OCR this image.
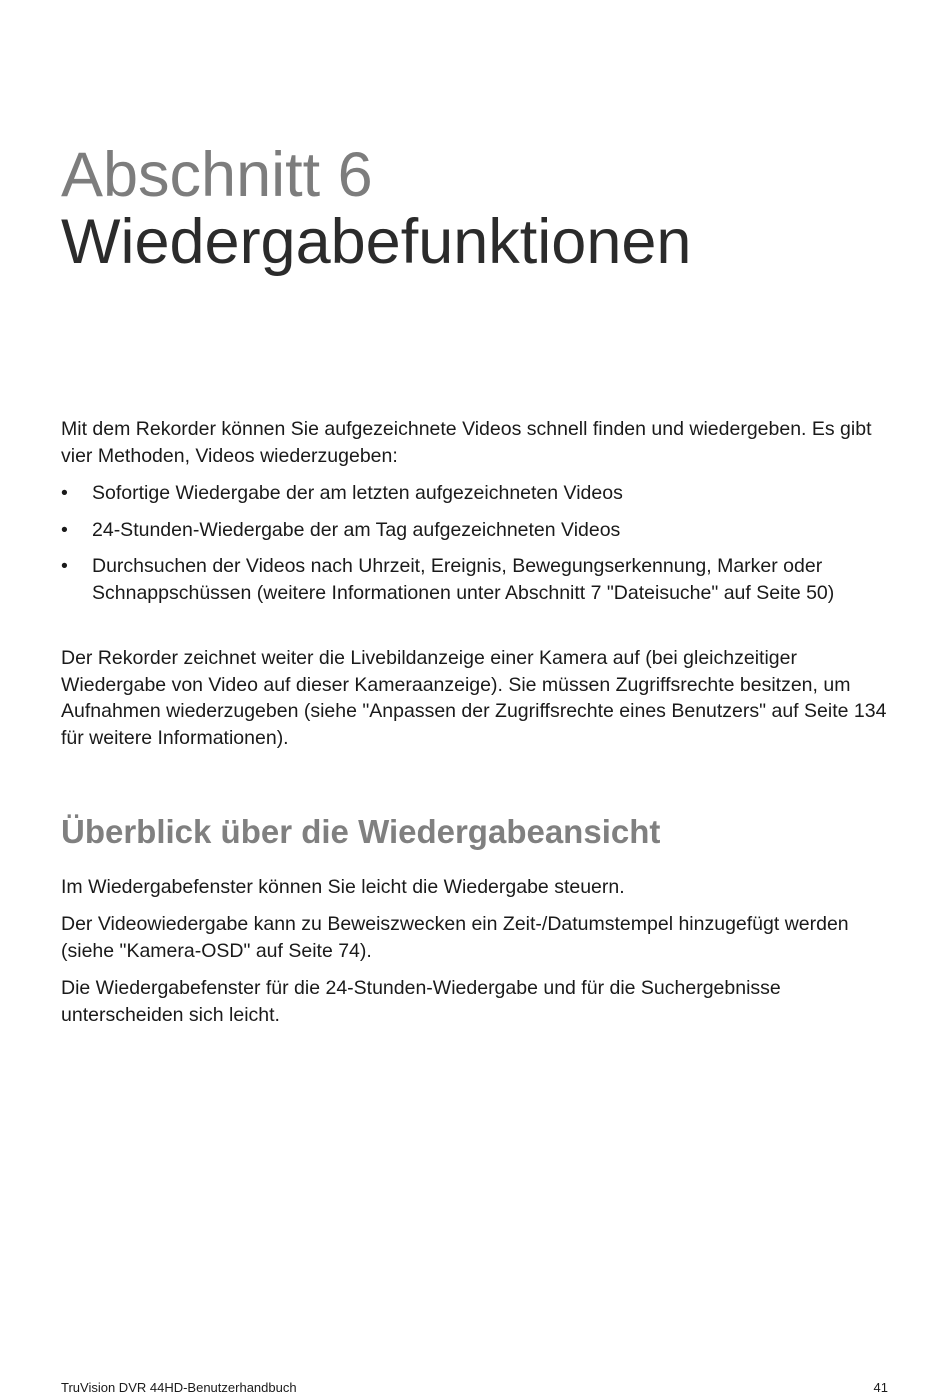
Abschnitt 6
Wiedergabefunktionen

Mit dem Rekorder können Sie aufgezeichnete Videos schnell finden und wiedergeben. Es gibt vier Methoden, Videos wiederzugeben:

•	Sofortige Wiedergabe der am letzten aufgezeichneten Videos
•	24-Stunden-Wiedergabe der am Tag aufgezeichneten Videos
•	Durchsuchen der Videos nach Uhrzeit, Ereignis, Bewegungserkennung, Marker oder Schnappschüssen (weitere Informationen unter Abschnitt 7 "Dateisuche" auf Seite 50)

Der Rekorder zeichnet weiter die Livebildanzeige einer Kamera auf (bei gleichzeitiger Wiedergabe von Video auf dieser Kameraanzeige). Sie müssen Zugriffsrechte besitzen, um Aufnahmen wiederzugeben (siehe "Anpassen der Zugriffsrechte eines Benutzers" auf Seite 134 für weitere Informationen).

Überblick über die Wiedergabeansicht

Im Wiedergabefenster können Sie leicht die Wiedergabe steuern.

Der Videowiedergabe kann zu Beweiszwecken ein Zeit-/Datumstempel hinzugefügt werden (siehe "Kamera-OSD" auf Seite 74).

Die Wiedergabefenster für die 24-Stunden-Wiedergabe und für die Suchergebnisse unterscheiden sich leicht.

TruVision DVR 44HD-Benutzerhandbuch	41
